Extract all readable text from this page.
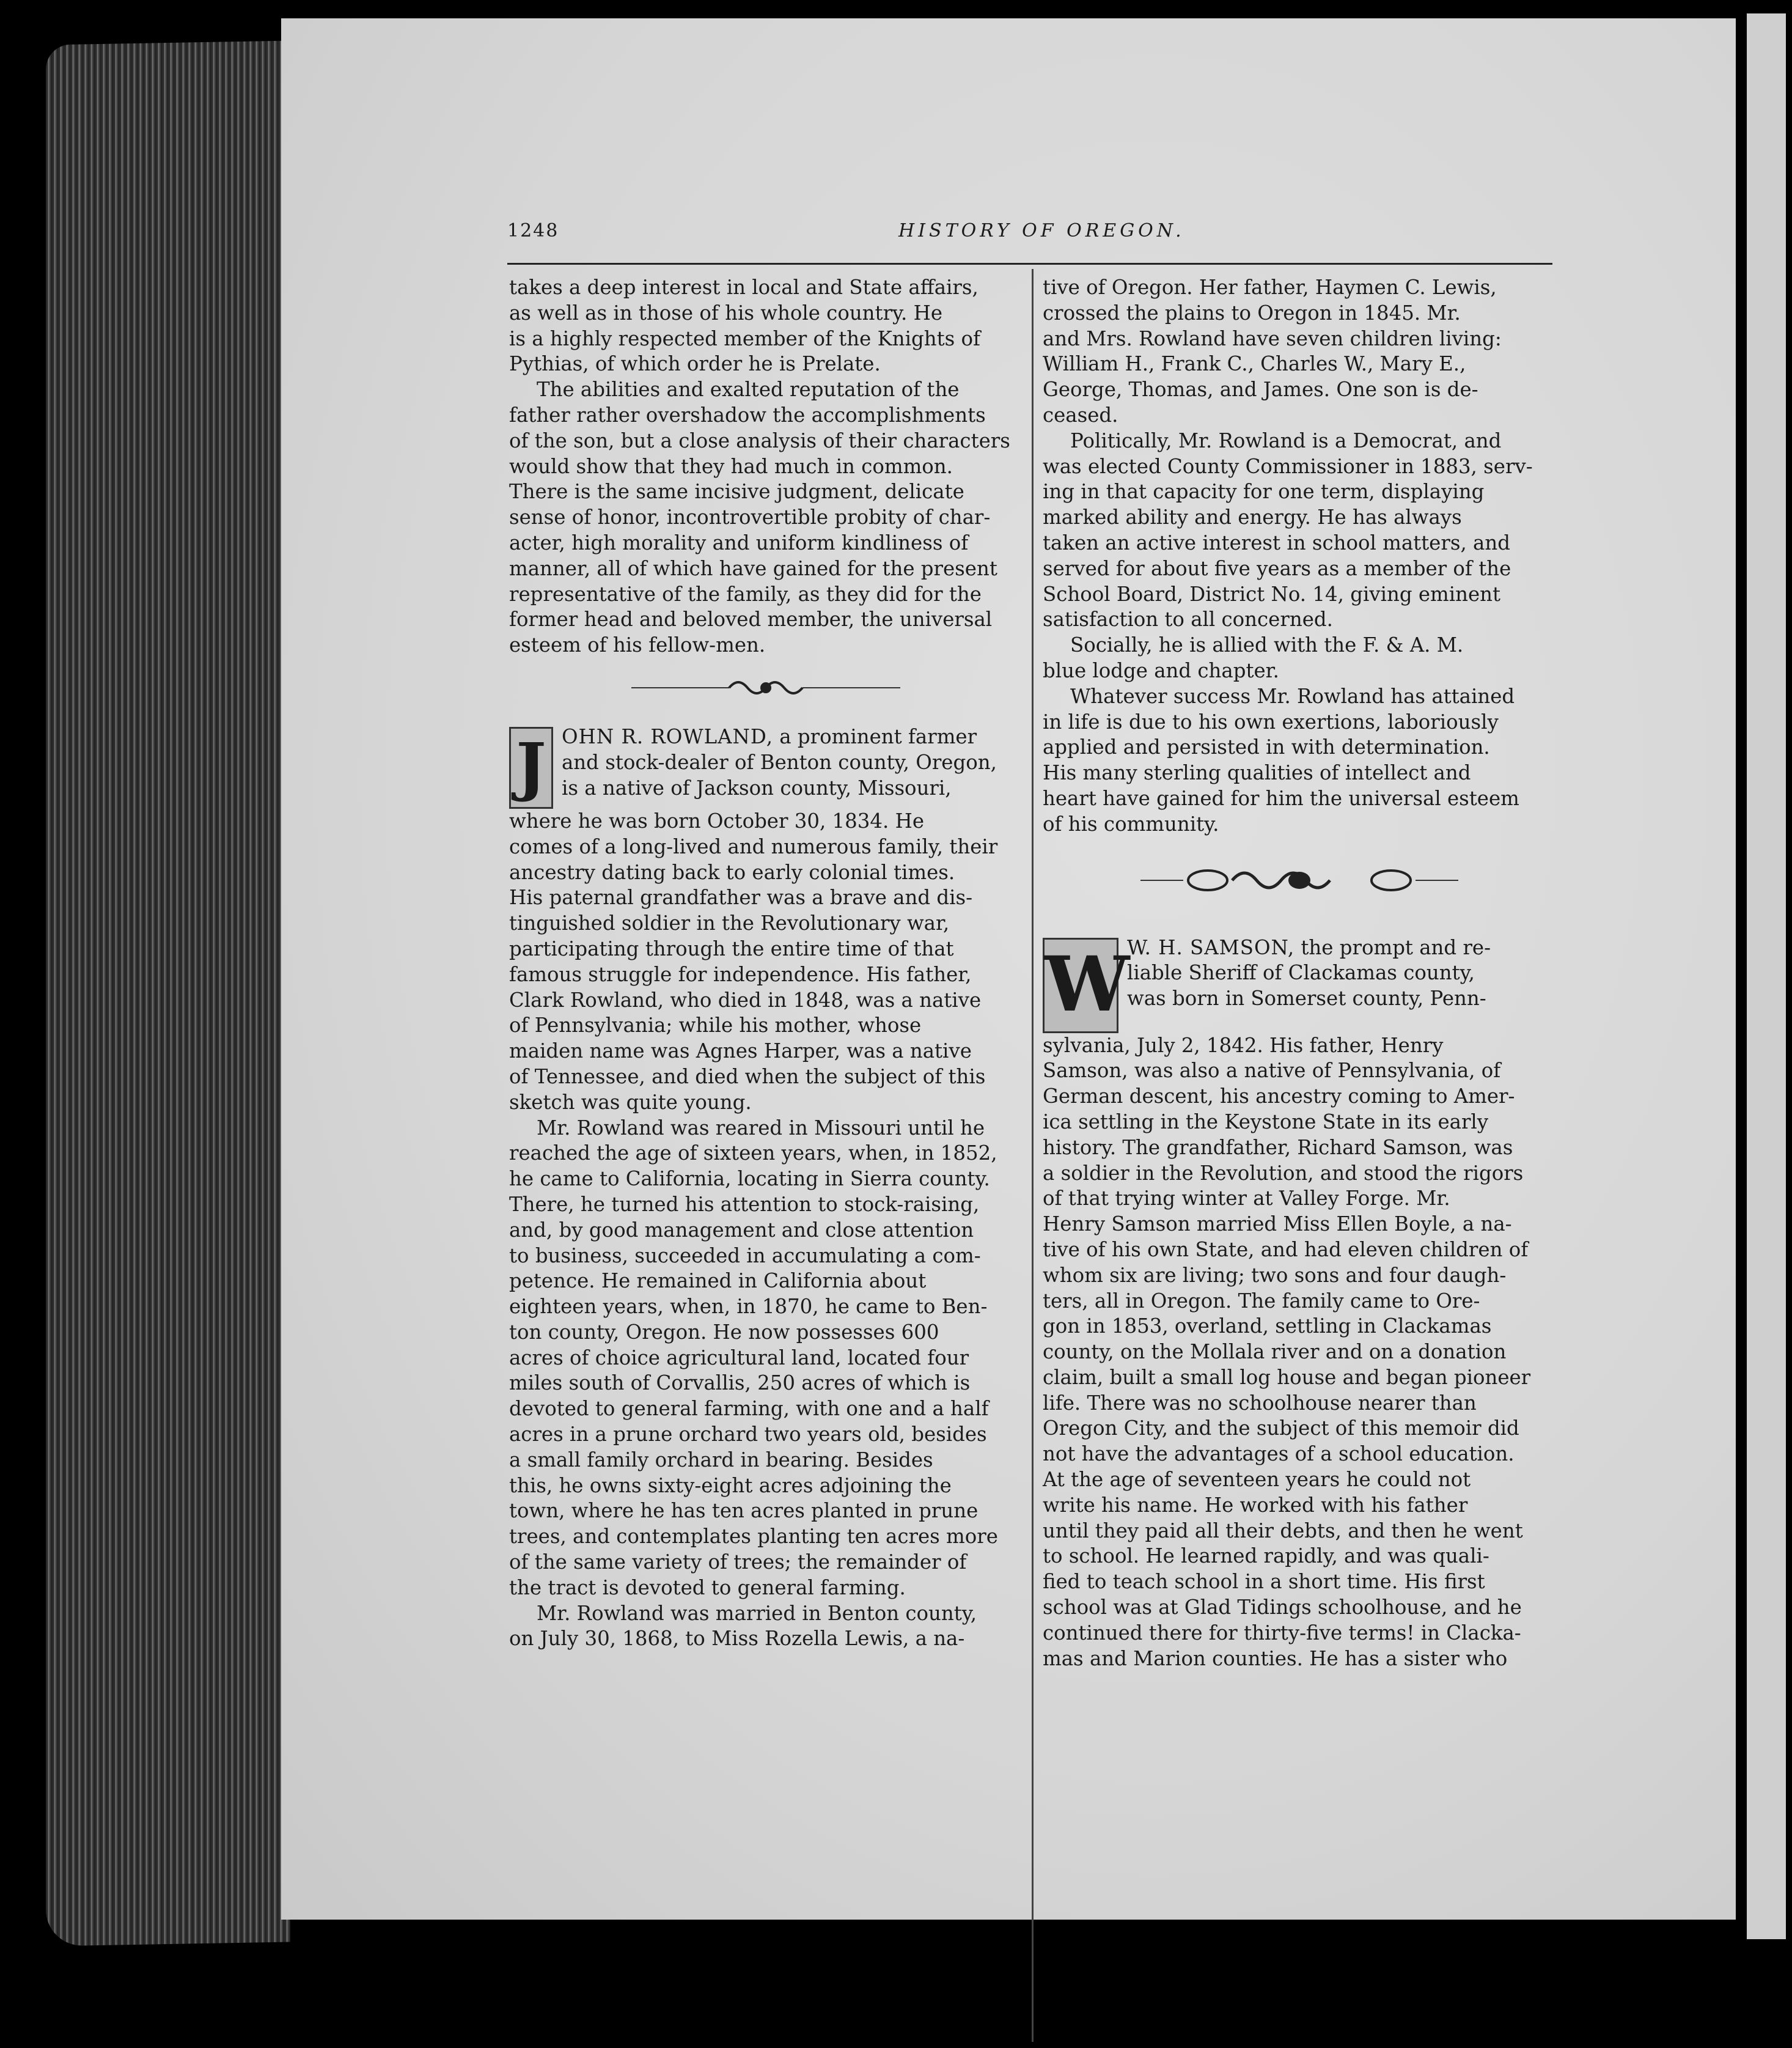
1248	HISTORY OF OREGON.

takes a deep interest in local and State affairs,
as well as in those of his whole country. He
is a highly respected member of the Knights of
Pythias, of which order he is Prelate.

The abilities and exalted reputation of the
father rather overshadow the accomplishments
of the son, but a close analysis of their characters
would show that they had much in common.
There is the same incisive judgment, delicate
sense of honor, incontrovertible probity of char-
acter, high morality and uniform kindliness of
manner, all of which have gained for the present
representative of the family, as they did for the
former head and beloved member, the universal
esteem of his fellow-men.

J OHN R. ROWLAND, a prominent farmer
and stock-dealer of Benton county, Oregon,
is a native of Jackson county, Missouri,
where he was born October 30, 1834. He
comes of a long-lived and numerous family, their
ancestry dating back to early colonial times.
His paternal grandfather was a brave and dis-
tinguished soldier in the Revolutionary war,
participating through the entire time of that
famous struggle for independence. His father,
Clark Rowland, who died in 1848, was a native
of Pennsylvania; while his mother, whose
maiden name was Agnes Harper, was a native
of Tennessee, and died when the subject of this
sketch was quite young.

Mr. Rowland was reared in Missouri until he
reached the age of sixteen years, when, in 1852,
he came to California, locating in Sierra county.
There, he turned his attention to stock-raising,
and, by good management and close attention
to business, succeeded in accumulating a com-
petence. He remained in California about
eighteen years, when, in 1870, he came to Ben-
ton county, Oregon. He now possesses 600
acres of choice agricultural land, located four
miles south of Corvallis, 250 acres of which is
devoted to general farming, with one and a half
acres in a prune orchard two years old, besides
a small family orchard in bearing. Besides
this, he owns sixty-eight acres adjoining the
town, where he has ten acres planted in prune
trees, and contemplates planting ten acres more
of the same variety of trees; the remainder of
the tract is devoted to general farming.

Mr. Rowland was married in Benton county,
on July 30, 1868, to Miss Rozella Lewis, a na-

tive of Oregon. Her father, Haymen C. Lewis,
crossed the plains to Oregon in 1845. Mr.
and Mrs. Rowland have seven children living:
William H., Frank C., Charles W., Mary E.,
George, Thomas, and James. One son is de-
ceased.

Politically, Mr. Rowland is a Democrat, and
was elected County Commissioner in 1883, serv-
ing in that capacity for one term, displaying
marked ability and energy. He has always
taken an active interest in school matters, and
served for about five years as a member of the
School Board, District No. 14, giving eminent
satisfaction to all concerned.

Socially, he is allied with the F. & A. M.
blue lodge and chapter.

Whatever success Mr. Rowland has attained
in life is due to his own exertions, laboriously
applied and persisted in with determination.
His many sterling qualities of intellect and
heart have gained for him the universal esteem
of his community.

W
W. H. SAMSON, the prompt and re-
liable Sheriff of Clackamas county,
was born in Somerset county, Penn-
sylvania, July 2, 1842. His father, Henry
Samson, was also a native of Pennsylvania, of
German descent, his ancestry coming to Amer-
ica settling in the Keystone State in its early
history. The grandfather, Richard Samson, was
a soldier in the Revolution, and stood the rigors
of that trying winter at Valley Forge. Mr.
Henry Samson married Miss Ellen Boyle, a na-
tive of his own State, and had eleven children of
whom six are living; two sons and four daugh-
ters, all in Oregon. The family came to Ore-
gon in 1853, overland, settling in Clackamas
county, on the Mollala river and on a donation
claim, built a small log house and began pioneer
life. There was no schoolhouse nearer than
Oregon City, and the subject of this memoir did
not have the advantages of a school education.
At the age of seventeen years he could not
write his name. He worked with his father
until they paid all their debts, and then he went
to school. He learned rapidly, and was quali-
fied to teach school in a short time. His first
school was at Glad Tidings schoolhouse, and he
continued there for thirty-five terms! in Clacka-
mas and Marion counties. He has a sister who
